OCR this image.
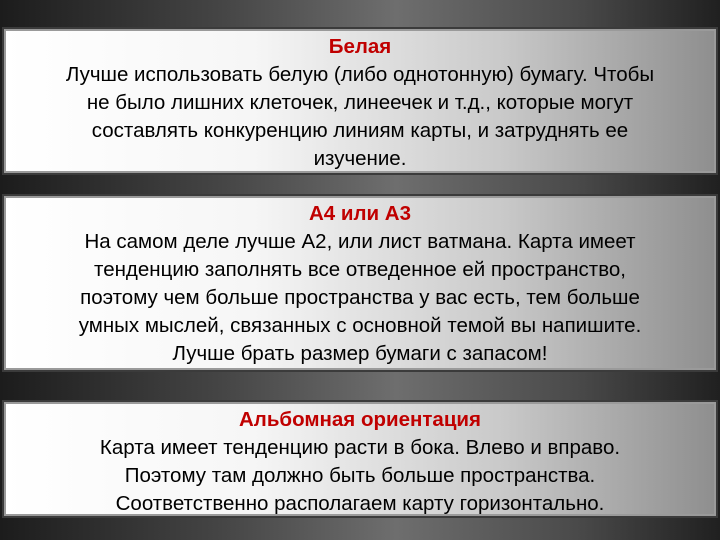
Белая
Лучше использовать белую (либо однотонную) бумагу. Чтобы
не было лишних клеточек, линеечек и т.д., которые могут
составлять конкуренцию линиям карты, и затруднять ее
изучение.
А4 или А3
На самом деле лучше А2, или лист ватмана. Карта имеет
тенденцию заполнять все отведенное ей пространство,
поэтому чем больше пространства у вас есть, тем больше
умных мыслей, связанных с основной темой вы напишите.
Лучше брать размер бумаги с запасом!
Альбомная ориентация
Карта имеет тенденцию расти в бока. Влево и вправо.
Поэтому там должно быть больше пространства.
Соответственно располагаем карту горизонтально.
